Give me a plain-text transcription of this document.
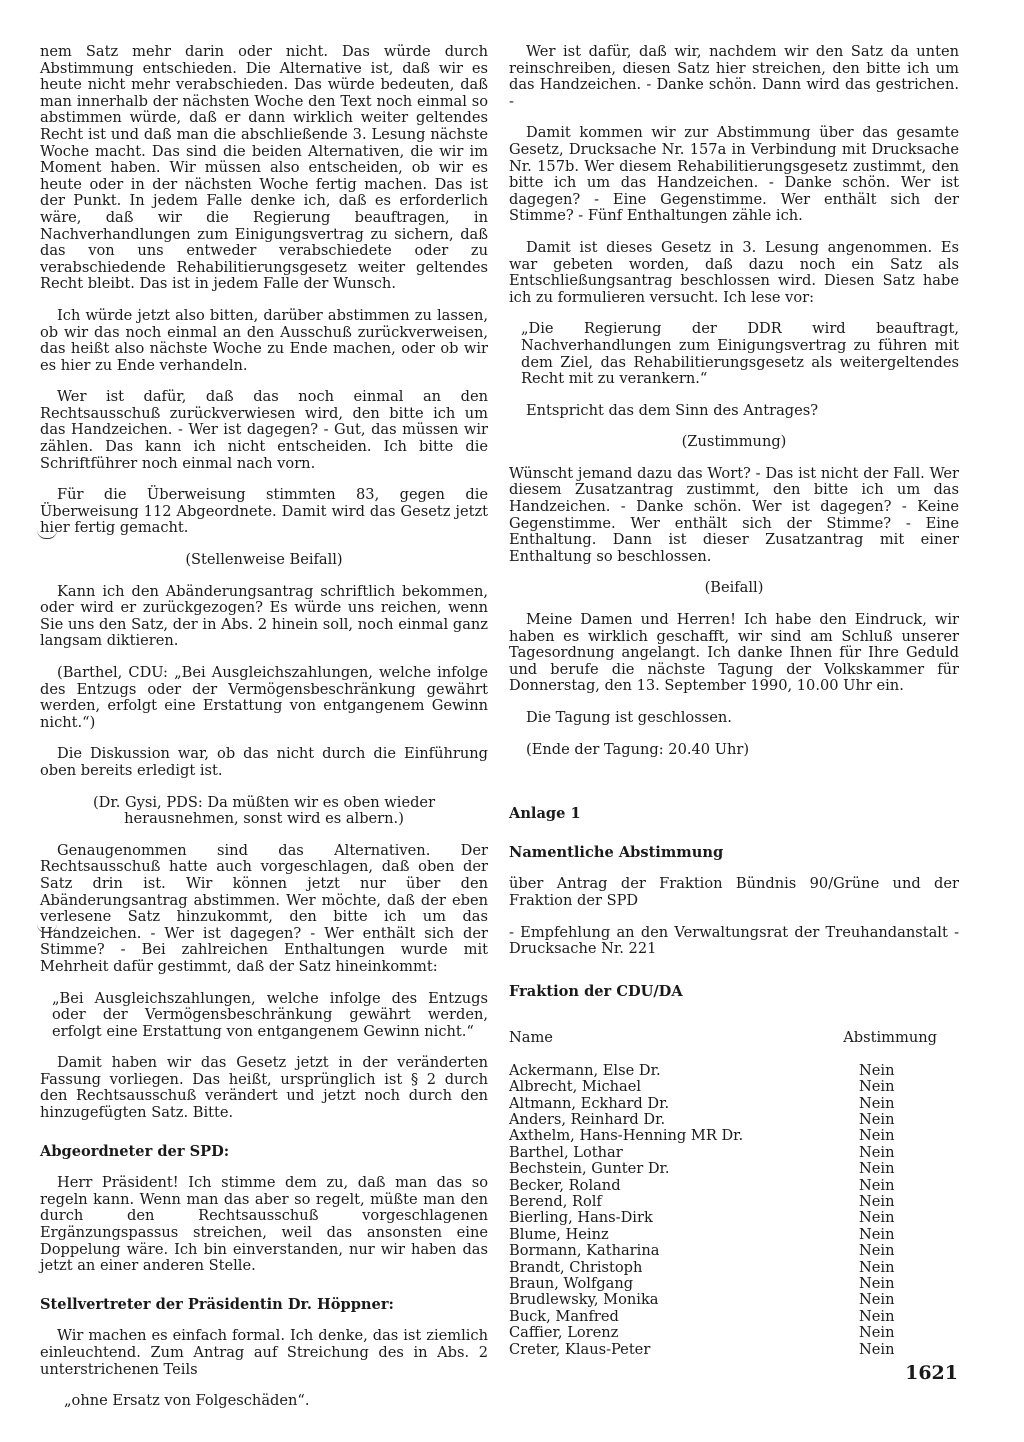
nem Satz mehr darin oder nicht. Das würde durch Abstimmung entschieden. Die Alternative ist, daß wir es heute nicht mehr verabschieden. Das würde bedeuten, daß man innerhalb der nächsten Woche den Text noch einmal so abstimmen würde, daß er dann wirklich weiter geltendes Recht ist und daß man die abschließende 3. Lesung nächste Woche macht. Das sind die beiden Alternativen, die wir im Moment haben. Wir müssen also entscheiden, ob wir es heute oder in der nächsten Woche fertig machen. Das ist der Punkt. In jedem Falle denke ich, daß es erforderlich wäre, daß wir die Regierung beauftragen, in Nachverhandlungen zum Einigungsvertrag zu sichern, daß das von uns entweder verabschiedete oder zu verabschiedende Rehabilitierungsgesetz weiter geltendes Recht bleibt. Das ist in jedem Falle der Wunsch.

Ich würde jetzt also bitten, darüber abstimmen zu lassen, ob wir das noch einmal an den Ausschuß zurückverweisen, das heißt also nächste Woche zu Ende machen, oder ob wir es hier zu Ende verhandeln.

Wer ist dafür, daß das noch einmal an den Rechtsausschuß zurückverwiesen wird, den bitte ich um das Handzeichen. - Wer ist dagegen? - Gut, das müssen wir zählen. Das kann ich nicht entscheiden. Ich bitte die Schriftführer noch einmal nach vorn.

Für die Überweisung stimmten 83, gegen die Überweisung 112 Abgeordnete. Damit wird das Gesetz jetzt hier fertig gemacht.

(Stellenweise Beifall)

Kann ich den Abänderungsantrag schriftlich bekommen, oder wird er zurückgezogen? Es würde uns reichen, wenn Sie uns den Satz, der in Abs. 2 hinein soll, noch einmal ganz langsam diktieren.

(Barthel, CDU: „Bei Ausgleichszahlungen, welche infolge des Entzugs oder der Vermögensbeschränkung gewährt werden, erfolgt eine Erstattung von entgangenem Gewinn nicht.“)

Die Diskussion war, ob das nicht durch die Einführung oben bereits erledigt ist.

(Dr. Gysi, PDS: Da müßten wir es oben wieder herausnehmen, sonst wird es albern.)

Genaugenommen sind das Alternativen. Der Rechtsausschuß hatte auch vorgeschlagen, daß oben der Satz drin ist. Wir können jetzt nur über den Abänderungsantrag abstimmen. Wer möchte, daß der eben verlesene Satz hinzukommt, den bitte ich um das Handzeichen. - Wer ist dagegen? - Wer enthält sich der Stimme? - Bei zahlreichen Enthaltungen wurde mit Mehrheit dafür gestimmt, daß der Satz hineinkommt:

„Bei Ausgleichszahlungen, welche infolge des Entzugs oder der Vermögensbeschränkung gewährt werden, erfolgt eine Erstattung von entgangenem Gewinn nicht.“

Damit haben wir das Gesetz jetzt in der veränderten Fassung vorliegen. Das heißt, ursprünglich ist § 2 durch den Rechtsausschuß verändert und jetzt noch durch den hinzugefügten Satz. Bitte.

Abgeordneter der SPD:

Herr Präsident! Ich stimme dem zu, daß man das so regeln kann. Wenn man das aber so regelt, müßte man den durch den Rechtsausschuß vorgeschlagenen Ergänzungspassus streichen, weil das ansonsten eine Doppelung wäre. Ich bin einverstanden, nur wir haben das jetzt an einer anderen Stelle.

Stellvertreter der Präsidentin Dr. Höppner:

Wir machen es einfach formal. Ich denke, das ist ziemlich einleuchtend. Zum Antrag auf Streichung des in Abs. 2 unterstrichenen Teils

„ohne Ersatz von Folgeschäden“.

Wer ist dafür, daß wir, nachdem wir den Satz da unten reinschreiben, diesen Satz hier streichen, den bitte ich um das Handzeichen. - Danke schön. Dann wird das gestrichen. -

Damit kommen wir zur Abstimmung über das gesamte Gesetz, Drucksache Nr. 157a in Verbindung mit Drucksache Nr. 157b. Wer diesem Rehabilitierungsgesetz zustimmt, den bitte ich um das Handzeichen. - Danke schön. Wer ist dagegen? - Eine Gegenstimme. Wer enthält sich der Stimme? - Fünf Enthaltungen zähle ich.

Damit ist dieses Gesetz in 3. Lesung angenommen. Es war gebeten worden, daß dazu noch ein Satz als Entschließungsantrag beschlossen wird. Diesen Satz habe ich zu formulieren versucht. Ich lese vor:

„Die Regierung der DDR wird beauftragt, Nachverhandlungen zum Einigungsvertrag zu führen mit dem Ziel, das Rehabilitierungsgesetz als weitergeltendes Recht mit zu verankern.“

Entspricht das dem Sinn des Antrages?

(Zustimmung)

Wünscht jemand dazu das Wort? - Das ist nicht der Fall. Wer diesem Zusatzantrag zustimmt, den bitte ich um das Handzeichen. - Danke schön. Wer ist dagegen? - Keine Gegenstimme. Wer enthält sich der Stimme? - Eine Enthaltung. Dann ist dieser Zusatzantrag mit einer Enthaltung so beschlossen.

(Beifall)

Meine Damen und Herren! Ich habe den Eindruck, wir haben es wirklich geschafft, wir sind am Schluß unserer Tagesordnung angelangt. Ich danke Ihnen für Ihre Geduld und berufe die nächste Tagung der Volkskammer für Donnerstag, den 13. September 1990, 10.00 Uhr ein.

Die Tagung ist geschlossen.

(Ende der Tagung: 20.40 Uhr)

Anlage 1

Namentliche Abstimmung

über Antrag der Fraktion Bündnis 90/Grüne und der Fraktion der SPD

- Empfehlung an den Verwaltungsrat der Treuhandanstalt - Drucksache Nr. 221

Fraktion der CDU/DA

Name	Abstimmung
Ackermann, Else Dr.	Nein
Albrecht, Michael	Nein
Altmann, Eckhard Dr.	Nein
Anders, Reinhard Dr.	Nein
Axthelm, Hans-Henning MR Dr.	Nein
Barthel, Lothar	Nein
Bechstein, Gunter Dr.	Nein
Becker, Roland	Nein
Berend, Rolf	Nein
Bierling, Hans-Dirk	Nein
Blume, Heinz	Nein
Bormann, Katharina	Nein
Brandt, Christoph	Nein
Braun, Wolfgang	Nein
Brudlewsky, Monika	Nein
Buck, Manfred	Nein
Caffier, Lorenz	Nein
Creter, Klaus-Peter	Nein
1621
